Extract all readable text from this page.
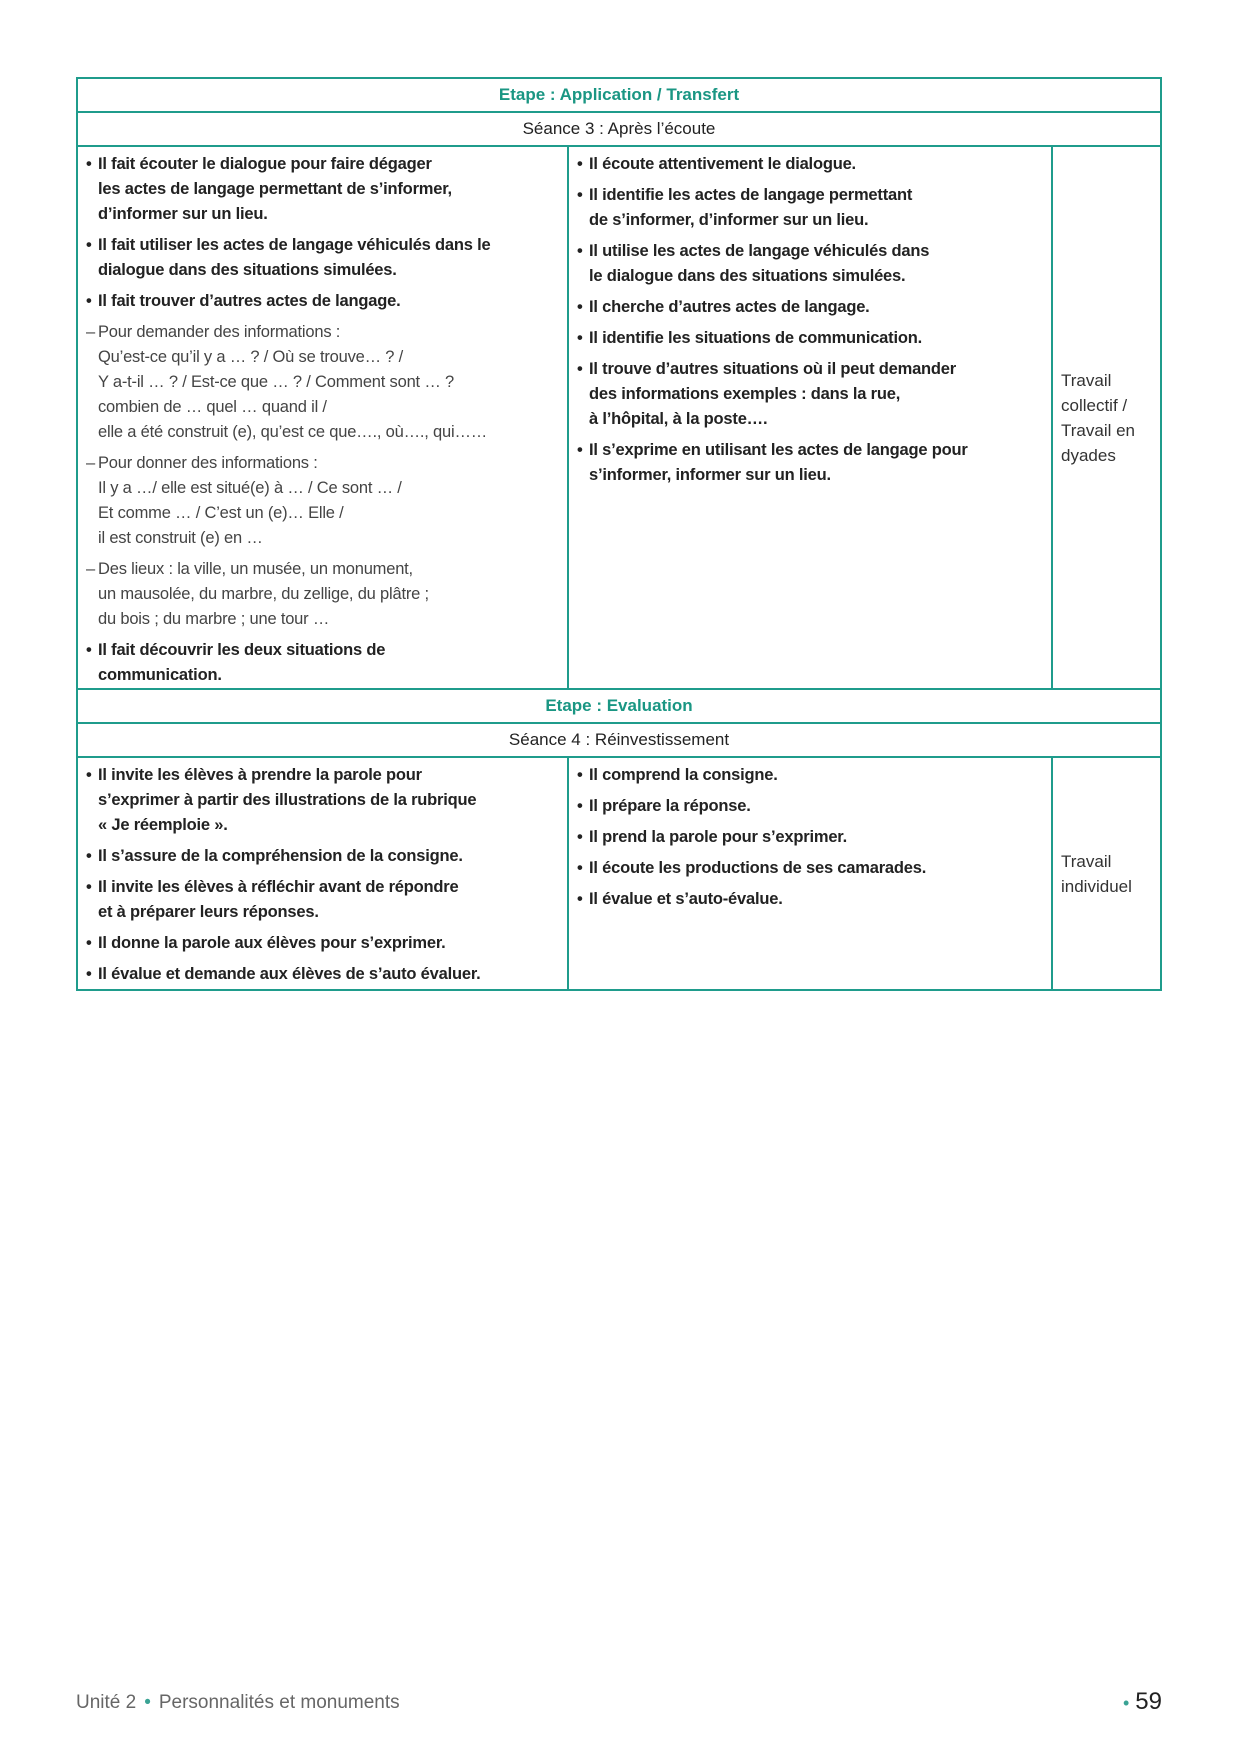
Etape : Application / Transfert
Séance 3 : Après l’écoute
• Il fait écouter le dialogue pour faire dégager
les actes de langage permettant de s’informer,
d’informer sur un lieu.
• Il fait utiliser les actes de langage véhiculés dans le
dialogue dans des situations simulées.
• Il fait trouver d’autres actes de langage.
– Pour demander des informations :
Qu’est-ce qu’il y a … ? / Où se trouve… ? /
Y a-t-il … ? / Est-ce que … ? / Comment sont … ?
combien de … quel … quand il /
elle a été construit (e), qu’est ce que…., où…., qui……
– Pour donner des informations :
Il y a …/ elle est situé(e) à … / Ce sont … /
Et comme … / C’est un (e)… Elle /
il est construit (e) en …
– Des lieux : la ville, un musée, un monument,
un mausolée, du marbre, du zellige, du plâtre ;
du bois ; du marbre ; une tour …
• Il fait découvrir les deux situations de
communication.
• Il écoute attentivement le dialogue.
• Il identifie les actes de langage permettant
de s’informer, d’informer sur un lieu.
• Il utilise les actes de langage véhiculés dans
le dialogue dans des situations simulées.
• Il cherche d’autres actes de langage.
• Il identifie les situations de communication.
• Il trouve d’autres situations où il peut demander
des informations exemples : dans la rue,
à l’hôpital, à la poste….
• Il s’exprime en utilisant les actes de langage pour
s’informer, informer sur un lieu.
Travail
collectif /
Travail en
dyades
Etape : Evaluation
Séance 4 : Réinvestissement
• Il invite les élèves à prendre la parole pour
s’exprimer à partir des illustrations de la rubrique
« Je réemploie ».
• Il s’assure de la compréhension de la consigne.
• Il invite les élèves à réfléchir avant de répondre
et à préparer leurs réponses.
• Il donne la parole aux élèves pour s’exprimer.
• Il évalue et demande aux élèves de s’auto évaluer.
• Il comprend la consigne.
• Il prépare la réponse.
• Il prend la parole pour s’exprimer.
• Il écoute les productions de ses camarades.
• Il évalue et s’auto-évalue.
Travail
individuel
Unité 2 • Personnalités et monuments	• 59
